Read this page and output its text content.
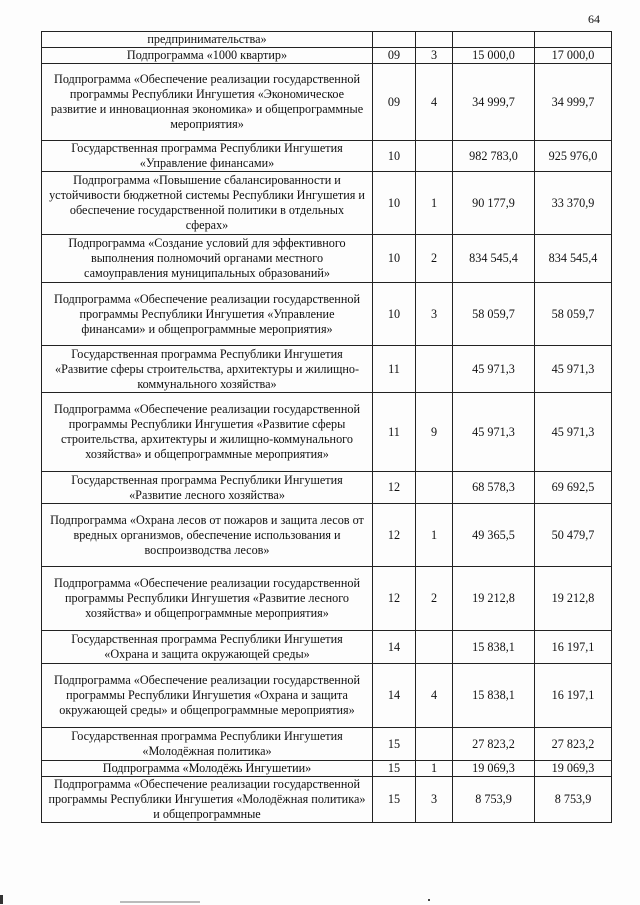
64
предпринимательства»				
Подпрограмма «1000 квартир»	09	3	15 000,0	17 000,0
Подпрограмма «Обеспечение реализации государственной программы Республики Ингушетия «Экономическое развитие и инновационная экономика» и общепрограммные мероприятия»	09	4	34 999,7	34 999,7
Государственная программа Республики Ингушетия «Управление финансами»	10		982 783,0	925 976,0
Подпрограмма «Повышение сбалансированности и устойчивости бюджетной системы Республики Ингушетия и обеспечение государственной политики в отдельных сферах»	10	1	90 177,9	33 370,9
Подпрограмма «Создание условий для эффективного выполнения полномочий органами местного самоуправления муниципальных образований»	10	2	834 545,4	834 545,4
Подпрограмма «Обеспечение реализации государственной программы Республики Ингушетия «Управление финансами» и общепрограммные мероприятия»	10	3	58 059,7	58 059,7
Государственная программа Республики Ингушетия «Развитие сферы строительства, архитектуры и жилищно-коммунального хозяйства»	11		45 971,3	45 971,3
Подпрограмма «Обеспечение реализации государственной программы Республики Ингушетия «Развитие сферы строительства, архитектуры и жилищно-коммунального хозяйства» и общепрограммные мероприятия»	11	9	45 971,3	45 971,3
Государственная программа Республики Ингушетия «Развитие лесного хозяйства»	12		68 578,3	69 692,5
Подпрограмма «Охрана лесов от пожаров и защита лесов от вредных организмов, обеспечение использования и воспроизводства лесов»	12	1	49 365,5	50 479,7
Подпрограмма «Обеспечение реализации государственной программы Республики Ингушетия «Развитие лесного хозяйства» и общепрограммные мероприятия»	12	2	19 212,8	19 212,8
Государственная программа Республики Ингушетия «Охрана и защита окружающей среды»	14		15 838,1	16 197,1
Подпрограмма «Обеспечение реализации государственной программы Республики Ингушетия «Охрана и защита окружающей среды» и общепрограммные мероприятия»	14	4	15 838,1	16 197,1
Государственная программа Республики Ингушетия «Молодёжная политика»	15		27 823,2	27 823,2
Подпрограмма «Молодёжь Ингушетии»	15	1	19 069,3	19 069,3
Подпрограмма «Обеспечение реализации государственной программы Республики Ингушетия «Молодёжная политика» и общепрограммные	15	3	8 753,9	8 753,9
